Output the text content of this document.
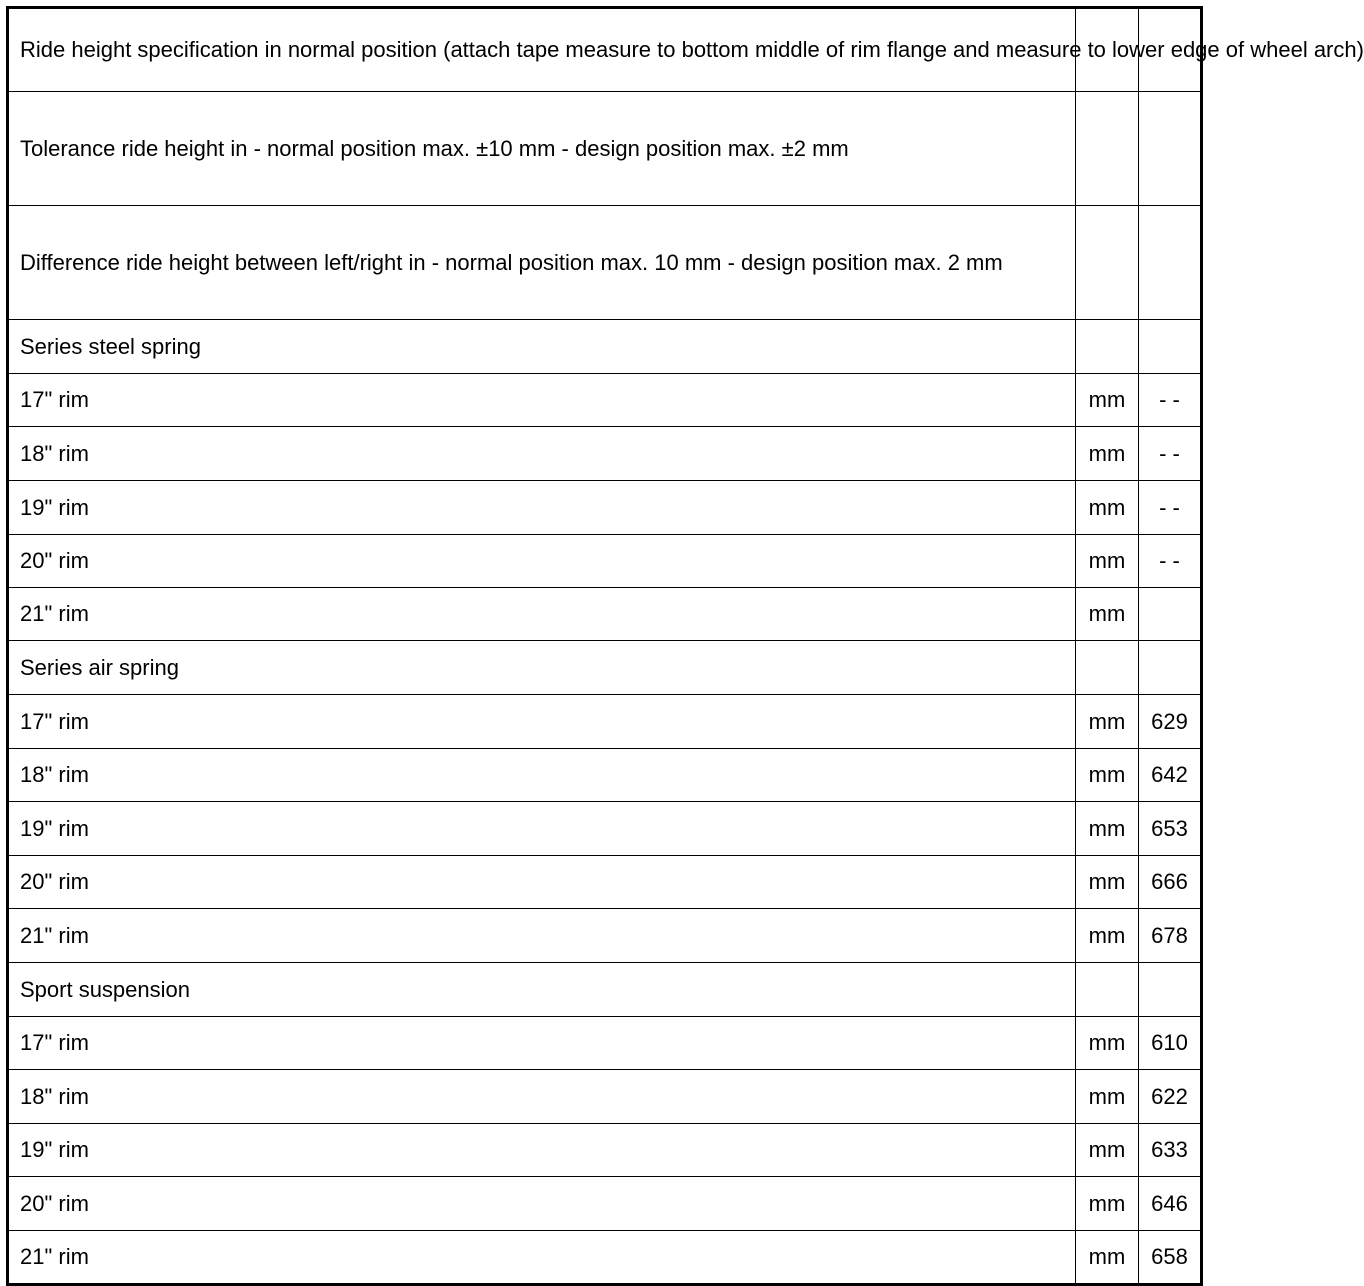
Ride height specification in normal position (attach tape measure to bottom middle of rim flange and measure to lower edge of wheel arch)		
Tolerance ride height in - normal position max. ±10 mm - design position max. ±2 mm		
Difference ride height between left/right in - normal position max. 10 mm - design position max. 2 mm		
Series steel spring		
17" rim	mm	- -
18" rim	mm	- -
19" rim	mm	- -
20" rim	mm	- -
21" rim	mm	
Series air spring		
17" rim	mm	629
18" rim	mm	642
19" rim	mm	653
20" rim	mm	666
21" rim	mm	678
Sport suspension		
17" rim	mm	610
18" rim	mm	622
19" rim	mm	633
20" rim	mm	646
21" rim	mm	658
